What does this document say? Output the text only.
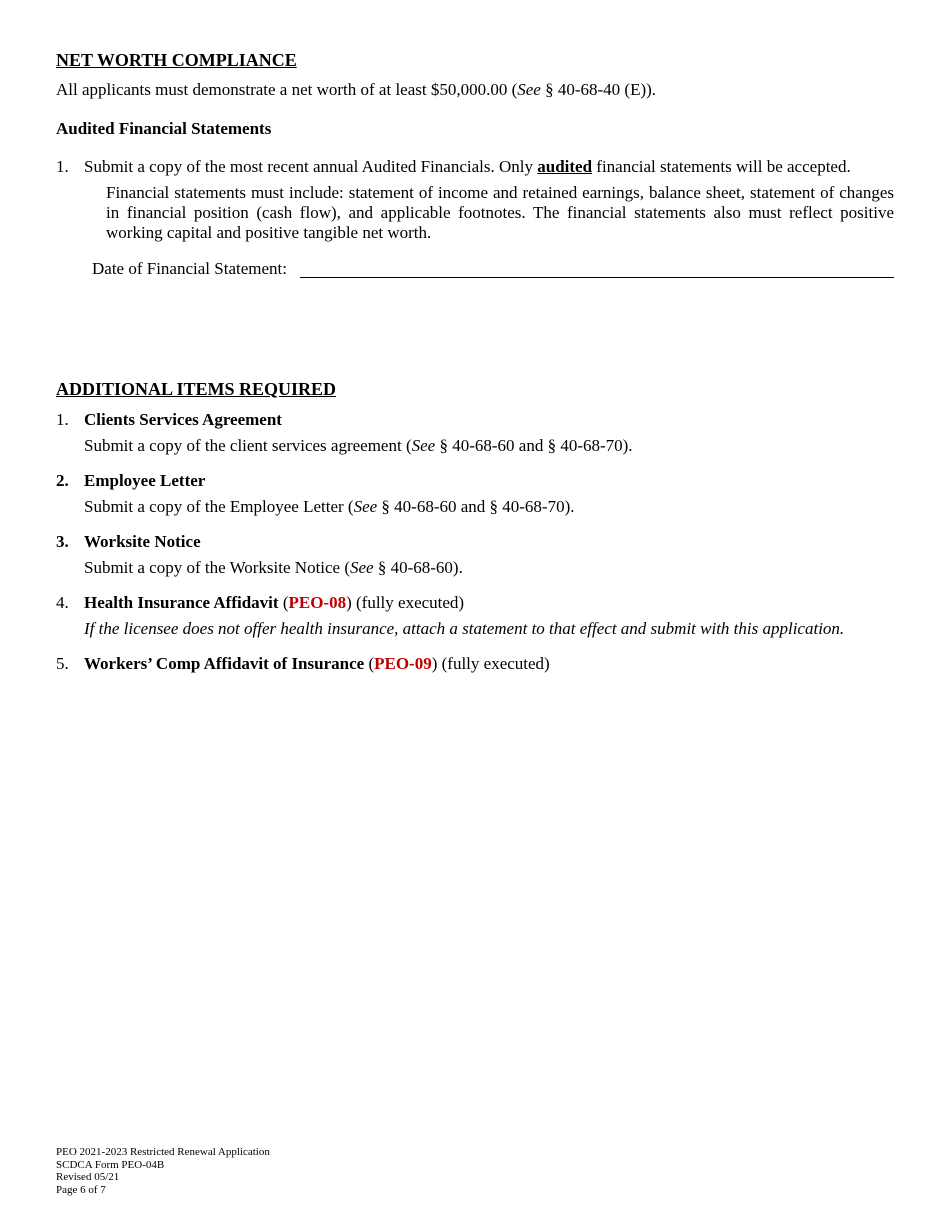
NET WORTH COMPLIANCE
All applicants must demonstrate a net worth of at least $50,000.00 (See § 40-68-40 (E)).
Audited Financial Statements
1. Submit a copy of the most recent annual Audited Financials. Only audited financial statements will be accepted.
Financial statements must include: statement of income and retained earnings, balance sheet, statement of changes in financial position (cash flow), and applicable footnotes. The financial statements also must reflect positive working capital and positive tangible net worth.
Date of Financial Statement:
ADDITIONAL ITEMS REQUIRED
1. Clients Services Agreement
Submit a copy of the client services agreement (See § 40-68-60 and § 40-68-70).
2. Employee Letter
Submit a copy of the Employee Letter (See § 40-68-60 and § 40-68-70).
3. Worksite Notice
Submit a copy of the Worksite Notice (See § 40-68-60).
4. Health Insurance Affidavit (PEO-08) (fully executed)
If the licensee does not offer health insurance, attach a statement to that effect and submit with this application.
5. Workers’ Comp Affidavit of Insurance (PEO-09) (fully executed)
PEO 2021-2023 Restricted Renewal Application
SCDCA Form PEO-04B
Revised 05/21
Page 6 of 7
